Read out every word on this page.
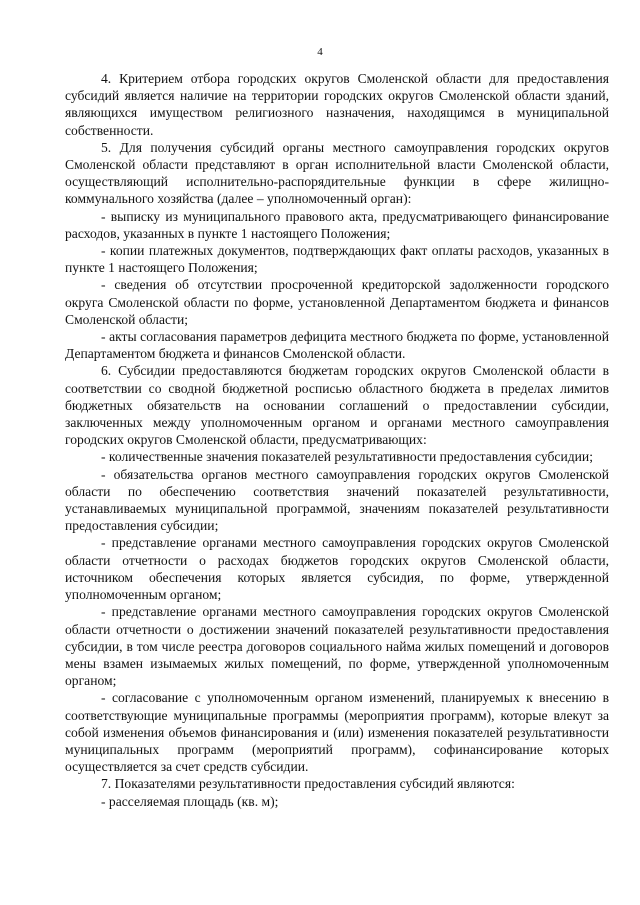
4

4. Критерием отбора городских округов Смоленской области для предоставления субсидий является наличие на территории городских округов Смоленской области зданий, являющихся имуществом религиозного назначения, находящимся в муниципальной собственности.

5. Для получения субсидий органы местного самоуправления городских округов Смоленской области представляют в орган исполнительной власти Смоленской области, осуществляющий исполнительно-распорядительные функции в сфере жилищно-коммунального хозяйства (далее – уполномоченный орган):

- выписку из муниципального правового акта, предусматривающего финансирование расходов, указанных в пункте 1 настоящего Положения;

- копии платежных документов, подтверждающих факт оплаты расходов, указанных в пункте 1 настоящего Положения;

- сведения об отсутствии просроченной кредиторской задолженности городского округа Смоленской области по форме, установленной Департаментом бюджета и финансов Смоленской области;

- акты согласования параметров дефицита местного бюджета по форме, установленной Департаментом бюджета и финансов Смоленской области.

6. Субсидии предоставляются бюджетам городских округов Смоленской области в соответствии со сводной бюджетной росписью областного бюджета в пределах лимитов бюджетных обязательств на основании соглашений о предоставлении субсидии, заключенных между уполномоченным органом и органами местного самоуправления городских округов Смоленской области, предусматривающих:

- количественные значения показателей результативности предоставления субсидии;

- обязательства органов местного самоуправления городских округов Смоленской области по обеспечению соответствия значений показателей результативности, устанавливаемых муниципальной программой, значениям показателей результативности предоставления субсидии;

- представление органами местного самоуправления городских округов Смоленской области отчетности о расходах бюджетов городских округов Смоленской области, источником обеспечения которых является субсидия, по форме, утвержденной уполномоченным органом;

- представление органами местного самоуправления городских округов Смоленской области отчетности о достижении значений показателей результативности предоставления субсидии, в том числе реестра договоров социального найма жилых помещений и договоров мены взамен изымаемых жилых помещений, по форме, утвержденной уполномоченным органом;

- согласование с уполномоченным органом изменений, планируемых к внесению в соответствующие муниципальные программы (мероприятия программ), которые влекут за собой изменения объемов финансирования и (или) изменения показателей результативности муниципальных программ (мероприятий программ), софинансирование которых осуществляется за счет средств субсидии.

7. Показателями результативности предоставления субсидий являются:

- расселяемая площадь (кв. м);
